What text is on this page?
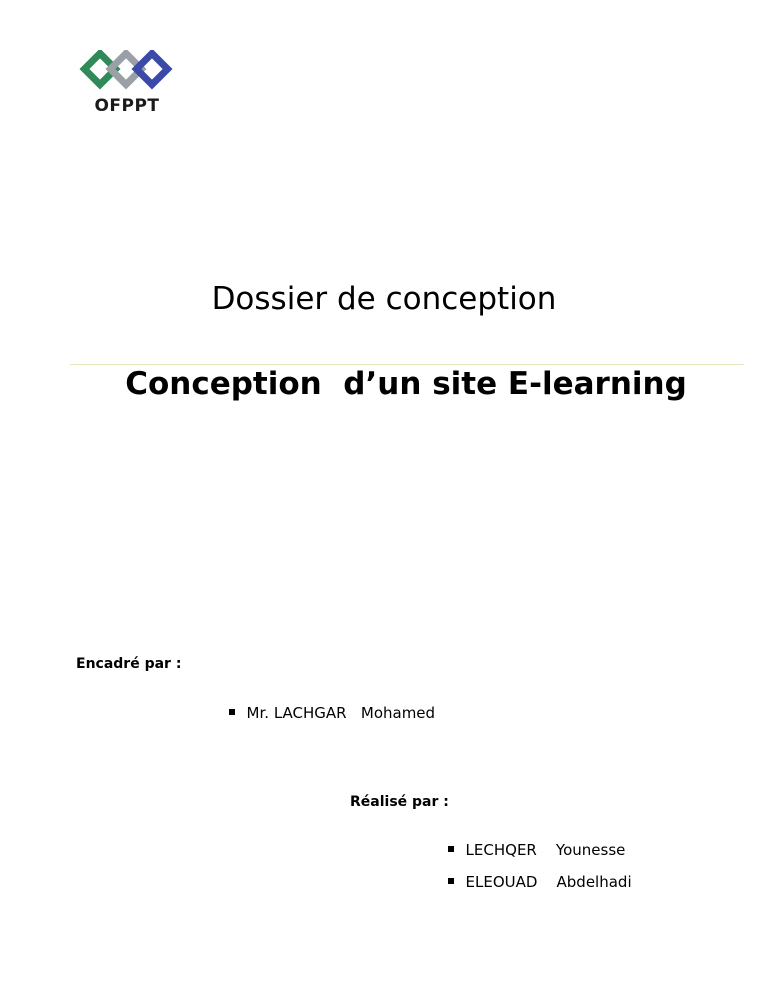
OFPPT
Dossier de conception
Conception  d’un site E-learning
Encadré par :

Mr. LACHGAR   Mohamed

Réalisé par :

LECHQER    Younesse

ELEOUAD    Abdelhadi
